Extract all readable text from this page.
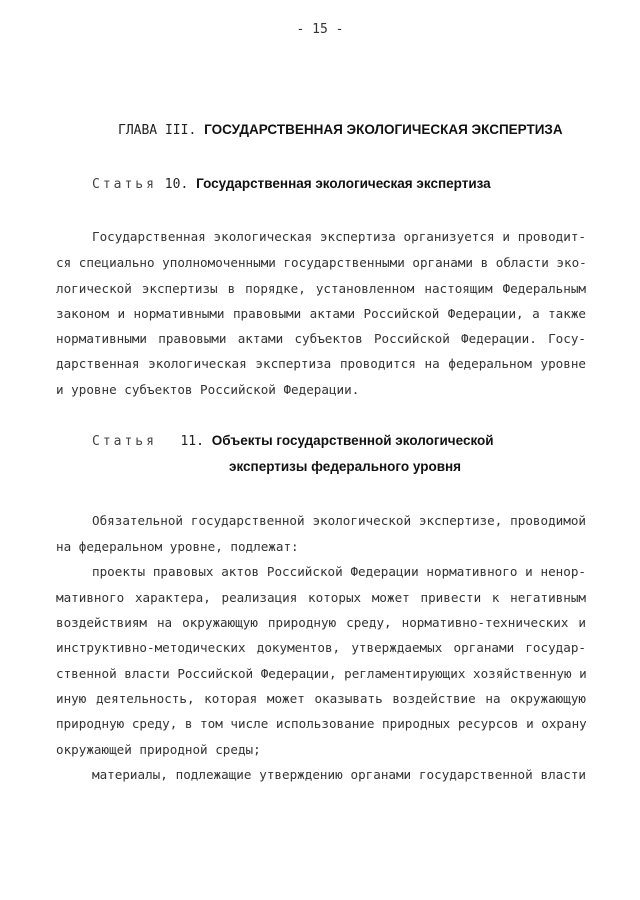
- 15 -
ГЛАВА III. ГОСУДАРСТВЕННАЯ ЭКОЛОГИЧЕСКАЯ ЭКСПЕРТИЗА
Статья 10. Государственная экологическая экспертиза
Государственная экологическая экспертиза организуется и проводит-
ся специально уполномоченными государственными органами в области эко-
логической экспертизы в порядке, установленном настоящим Федеральным
законом и нормативными правовыми актами Российской Федерации, а также
нормативными правовыми актами субъектов Российской Федерации. Госу-
дарственная экологическая экспертиза проводится на федеральном уровне
и уровне субъектов Российской Федерации.
Статья 11. Объекты государственной экологической
экспертизы федерального уровня
Обязательной государственной экологической экспертизе, проводимой
на федеральном уровне, подлежат:
проекты правовых актов Российской Федерации нормативного и ненор-
мативного характера, реализация которых может привести к негативным
воздействиям на окружающую природную среду, нормативно-технических и
инструктивно-методических документов, утверждаемых органами государ-
ственной власти Российской Федерации, регламентирующих хозяйственную и
иную деятельность, которая может оказывать воздействие на окружающую
природную среду, в том числе использование природных ресурсов и охрану
окружающей природной среды;
материалы, подлежащие утверждению органами государственной власти
